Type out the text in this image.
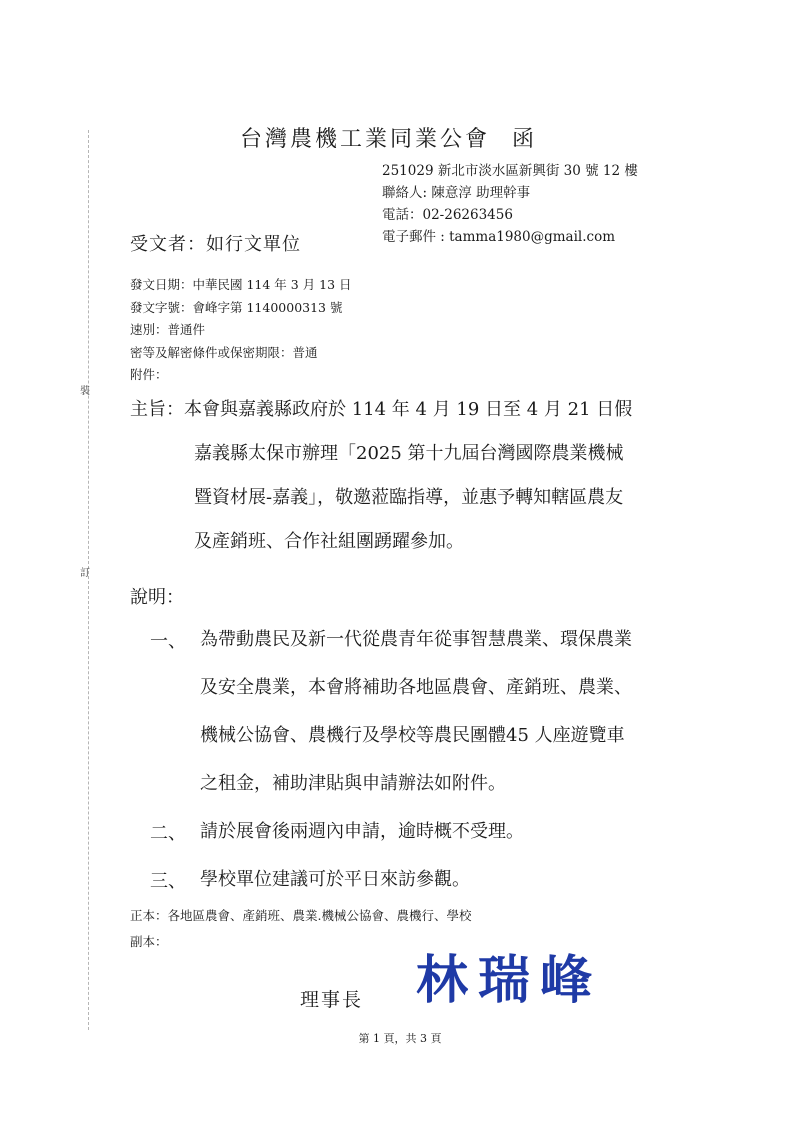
裝
訂
台灣農機工業同業公會 函
251029 新北市淡水區新興街 30 號 12 樓
聯絡人: 陳意淳 助理幹事
電話：02-26263456
電子郵件 : tamma1980@gmail.com
受文者：如行文單位
發文日期：中華民國 114 年 3 月 13 日
發文字號：會峰字第 1140000313 號
速別：普通件
密等及解密條件或保密期限：普通
附件：
主旨：本會與嘉義縣政府於 114 年 4 月 19 日至 4 月 21 日假
嘉義縣太保市辦理「2025 第十九屆台灣國際農業機械
暨資材展-嘉義」，敬邀蒞臨指導，並惠予轉知轄區農友
及產銷班、合作社組團踴躍參加。
說明：
一、 為帶動農民及新一代從農青年從事智慧農業、環保農業
及安全農業，本會將補助各地區農會、產銷班、農業、
機械公協會、農機行及學校等農民團體45 人座遊覽車
之租金，補助津貼與申請辦法如附件。
二、 請於展會後兩週內申請，逾時概不受理。
三、 學校單位建議可於平日來訪參觀。
正本：各地區農會、產銷班、農業.機械公協會、農機行、學校
副本：
理事長 林瑞峰
第 1 頁，共 3 頁
